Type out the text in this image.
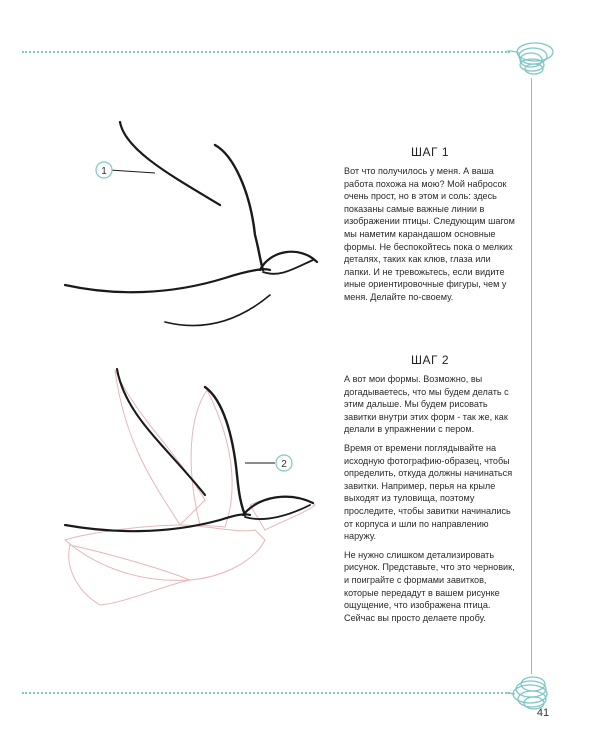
1
2
ШАГ 1

Вот что получилось у меня. А ваша работа похожа на мою? Мой набросок очень прост, но в этом и соль: здесь показаны самые важные линии в изображении птицы. Следующим шагом мы наметим карандашом основные формы. Не беспокойтесь пока о мелких деталях, таких как клюв, глаза или лапки. И не тревожьтесь, если видите иные ориентировочные фигуры, чем у меня. Делайте по-своему.

ШАГ 2

А вот мои формы. Возможно, вы догадываетесь, что мы будем делать с этим дальше. Мы будем рисовать завитки внутри этих форм - так же, как делали в упражнении с пером.

Время от времени поглядывайте на исходную фотографию-образец, чтобы определить, откуда должны начинаться завитки. Например, перья на крыле выходят из туловища, поэтому проследите, чтобы завитки начинались от корпуса и шли по направлению наружу.

Не нужно слишком детализировать рисунок. Представьте, что это черновик, и поиграйте с формами завитков, которые передадут в вашем рисунке ощущение, что изображена птица. Сейчас вы просто делаете пробу.

41
